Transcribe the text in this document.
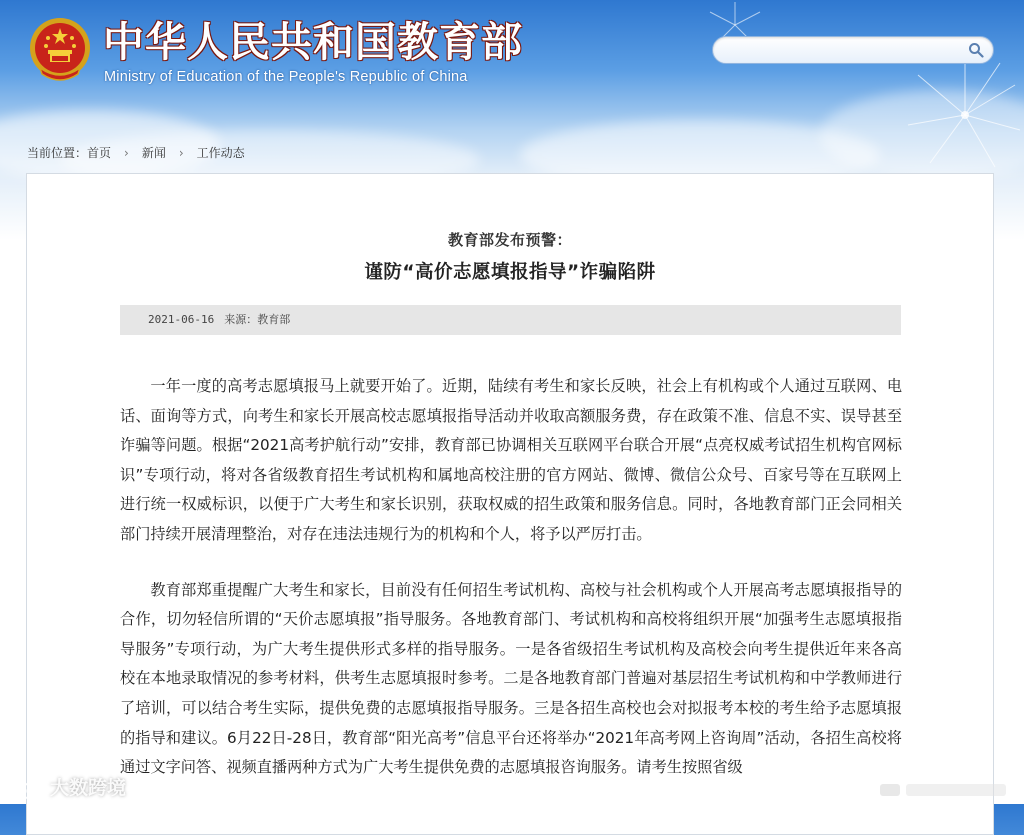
中华人民共和国教育部
Ministry of Education of the People's Republic of China
当前位置：首页 › 新闻 › 工作动态
教育部发布预警：
谨防“高价志愿填报指导”诈骗陷阱
2021-06-16 来源：教育部

一年一度的高考志愿填报马上就要开始了。近期，陆续有考生和家长反映，社会上有机构或个人通过互联网、电话、面询等方式，向考生和家长开展高校志愿填报指导活动并收取高额服务费，存在政策不准、信息不实、误导甚至诈骗等问题。根据“2021高考护航行动”安排，教育部已协调相关互联网平台联合开展“点亮权威考试招生机构官网标识”专项行动，将对各省级教育招生考试机构和属地高校注册的官方网站、微博、微信公众号、百家号等在互联网上进行统一权威标识，以便于广大考生和家长识别，获取权威的招生政策和服务信息。同时，各地教育部门正会同相关部门持续开展清理整治，对存在违法违规行为的机构和个人，将予以严厉打击。

教育部郑重提醒广大考生和家长，目前没有任何招生考试机构、高校与社会机构或个人开展高考志愿填报指导的合作，切勿轻信所谓的“天价志愿填报”指导服务。各地教育部门、考试机构和高校将组织开展“加强考生志愿填报指导服务”专项行动，为广大考生提供形式多样的指导服务。一是各省级招生考试机构及高校会向考生提供近年来各高校在本地录取情况的参考材料，供考生志愿填报时参考。二是各地教育部门普遍对基层招生考试机构和中学教师进行了培训，可以结合考生实际，提供免费的志愿填报指导服务。三是各招生高校也会对拟报考本校的考生给予志愿填报的指导和建议。6月22日-28日，教育部“阳光高考”信息平台还将举办“2021年高考网上咨询周”活动，各招生高校将通过文字问答、视频直播两种方式为广大考生提供免费的志愿填报咨询服务。请考生按照省级

大数跨境
